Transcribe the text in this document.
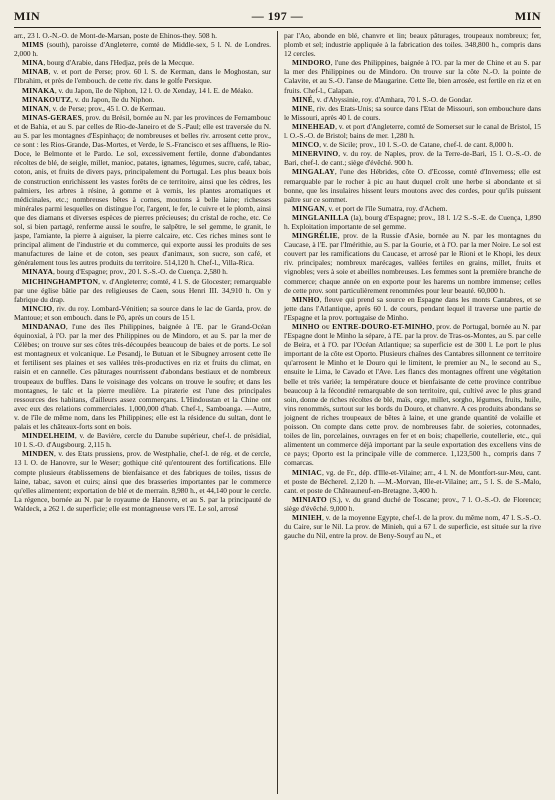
MIN	— 197 —	MIN

arr., 23 l. O.-N.-O. de Mont-de-Marsan, poste de Ehinos-they. 508 h.

MIMS (south), paroisse d'Angleterre, comté de Middle-sex, 5 l. N. de Londres. 2,000 h.

MINA, bourg d'Arabie, dans l'Hedjaz, près de la Mecque.

MINAB, v. et port de Perse; prov. 60 l. S. de Kerman, dans le Moghostan, sur l'Ibrahim, et près de l'embouch. de cette riv. dans le golfe Persique.

MINAKA, v. du Japon, île de Niphon, 12 l. O. de Xenday, 14 l. E. de Méako.

MINAKOUTZ, v. du Japon, île du Niphon.

MINAN, v. de Perse; prov., 45 l. O. de Kermau.

MINAS-GERAES, prov. du Brésil, bornée au N. par les provinces de Fernambouc et de Bahia, et au S. par celles de Rio-de-Janeiro et de S.-Paul; elle est traversée du N. au S. par les montagnes d'Espinhaço; de nombreuses et belles riv. arrosent cette prov., ce sont : les Rios-Grande, Das-Mortes, et Verde, le S.-Francisco et ses affluens, le Rio-Doce, le Belmonte et le Pardo. Le sol, excessivement fertile, donne d'abondantes récoltes de blé, de seigle, millet, manioc, patates, ignames, légumes, sucre, café, tabac, coton, anis, et fruits de divers pays, principalement du Portugal. Les plus beaux bois de construction enrichissent les vastes forêts de ce territoire, ainsi que les cèdres, les palmiers, les arbres à résine, à gomme et à vernis, les plantes aromatiques et médicinales, etc.; nombreuses bêtes à cornes, moutons à belle laine; richesses minérales parmi lesquelles on distingue l'or, l'argent, le fer, le cuivre et le plomb, ainsi que des diamans et diverses espèces de pierres précieuses; du cristal de roche, etc. Ce sol, si bien partagé, renferme aussi le soufre, le salpêtre, le sel gemme, le granit, le jaspe, l'amiante, la pierre à aiguiser, la pierre calcaire, etc. Ces riches mines sont le principal aliment de l'industrie et du commerce, qui exporte aussi les produits de ses manufactures de laine et de coton, ses peaux d'animaux, son sucre, son café, et généralement tous les autres produits du territoire. 514,120 h. Chef-l., Villa-Rica.

MINAYA, bourg d'Espagne; prov., 20 l. S.-S.-O. de Cuença. 2,580 h.

MICHINGHAMPTON, v. d'Angleterre; comté, 4 l. S. de Glocester; remarquable par une église bâtie par des religieuses de Caen, sous Henri III. 34,910 h. On y fabrique du drap.

MINCIO, riv. du roy. Lombard-Vénitien; sa source dans le lac de Garda, prov. de Mantoue; et son embouch. dans le Pô, après un cours de 15 l.

MINDANAO, l'une des îles Philippines, baignée à l'E. par le Grand-Océan équinoxial, à l'O. par la mer des Philippines ou de Mindoro, et au S. par la mer de Célèbes; on trouve sur ses côtes très-découpées beaucoup de baies et de ports. Le sol est montagneux et volcanique. Le Pesandj, le Butuan et le Sibugney arrosent cette île et fertilisent ses plaines et ses vallées très-productives en riz et fruits du climat, en raisin et en cannelle. Ces pâturages nourrissent d'abondans bestiaux et de nombreux troupeaux de buffles. Dans le voisinage des volcans on trouve le soufre; et dans les montagnes, le talc et la pierre meulière. La piraterie est l'une des principales ressources des habitans, d'ailleurs assez commerçans. L'Hindoustan et la Chine ont avec eux des relations commerciales. 1,000,000 d'hab. Chef-l., Samboanga. —Autre, v. de l'île de même nom, dans les Philippines; elle est la résidence du sultan, dont le palais et les châteaux-forts sont en bois.

MINDELHEIM, v. de Bavière, cercle du Danube supérieur, chef-l. de présidial, 10 l. S.-O. d'Augsbourg. 2,115 h.

MINDEN, v. des Etats prussiens, prov. de Westphalie, chef-l. de rég. et de cercle, 13 l. O. de Hanovre, sur le Weser; gothique cité qu'entourent des fortifications. Elle compte plusieurs établissemens de bienfaisance et des fabriques de toiles, tissus de laine, tabac, savon et cuirs; ainsi que des brasseries importantes par le commerce qu'elles alimentent; exportation de blé et de merrain. 8,980 h., et 44,140 pour le cercle. La régence, bornée au N. par le royaume de Hanovre, et au S. par la principauté de Waldeck, a 262 l. de superficie; elle est montagneuse vers l'E. Le sol, arrosé

par l'Ao, abonde en blé, chanvre et lin; beaux pâturages, troupeaux nombreux; fer, plomb et sel; industrie appliquée à la fabrication des toiles. 348,800 h., compris dans 12 cercles.

MINDORO, l'une des Philippines, baignée à l'O. par la mer de Chine et au S. par la mer des Philippines ou de Mindoro. On trouve sur la côte N.-O. la pointe de Calavite, et au S.-O. l'anse de Maugarine. Cette île, bien arrosée, est fertile en riz et en fruits. Chef-l., Calapan.

MINÉ, v. d'Abyssinie, roy. d'Amhara, 70 l. S.-O. de Gondar.

MINE, riv. des Etats-Unis; sa source dans l'Etat de Missouri, son embouchure dans le Missouri, après 40 l. de cours.

MINEHEAD, v. et port d'Angleterre, comté de Somerset sur le canal de Bristol, 15 l. O.-S.-O. de Bristol; bains de mer. 1,280 h.

MINCO, v. de Sicile; prov., 10 l. S.-O. de Catane, chef-l. de cant. 8,000 h.

MINERVINO, v. du roy. de Naples, prov. de la Terre-de-Bari, 15 l. O.-S.-O. de Bari, chef-l. de cant.; siège d'évêché. 900 h.

MINGALAY, l'une des Hébrides, côte O. d'Ecosse, comté d'Inverness; elle est remarquable par le rocher à pic au haut duquel croît une herbe si abondante et si bonne, que les insulaires hissent leurs moutons avec des cordes, pour qu'ils puissent paître sur ce sommet.

MINGAN, v. et port de l'île Sumatra, roy. d'Achem.

MINGLANILLA (la), bourg d'Espagne; prov., 18 l. 1/2 S.-S.-E. de Cuença, 1,890 h. Exploitation importante de sel gemme.

MINGRÉLIE, prov. de la Russie d'Asie, bornée au N. par les montagnes du Caucase, à l'E. par l'Imérithie, au S. par la Gourie, et à l'O. par la mer Noire. Le sol est couvert par les ramifications du Caucase, et arrosé par le Rioni et le Khopi, les deux riv. principales; nombreux marécages, vallées fertiles en grains, millet, fruits et vignobles; vers à soie et abeilles nombreuses. Les femmes sont la première branche de commerce; chaque année on en exporte pour les harems un nombre immense; celles de cette prov. sont particulièrement renommées pour leur beauté. 60,000 h.

MINHO, fleuve qui prend sa source en Espagne dans les monts Cantabres, et se jette dans l'Atlantique, après 60 l. de cours, pendant lequel il traverse une partie de l'Espagne et la prov. portugaise de Minho.

MINHO ou ENTRE-DOURO-ET-MINHO, prov. de Portugal, bornée au N. par l'Espagne dont le Minho la sépare, à l'E. par la prov. de Tras-os-Montes, au S. par celle de Beira, et à l'O. par l'Océan Atlantique; sa superficie est de 300 l. Le port le plus important de la côte est Oporto. Plusieurs chaînes des Cantabres sillonnent ce territoire qu'arrosent le Minho et le Douro qui le limitent, le premier au N., le second au S., ensuite le Lima, le Cavado et l'Ave. Les flancs des montagnes offrent une végétation belle et très variée; la température douce et bienfaisante de cette province contribue beaucoup à la fécondité remarquable de son territoire, qui, cultivé avec le plus grand soin, donne de riches récoltes de blé, maïs, orge, millet, sorgho, légumes, fruits, huile, vins renommés, surtout sur les bords du Douro, et chanvre. A ces produits abondans se joignent de riches troupeaux de bêtes à laine, et une grande quantité de volaille et poisson. On compte dans cette prov. de nombreuses fabr. de soieries, cotonnades, toiles de lin, porcelaines, ouvrages en fer et en bois; chapellerie, coutellerie, etc., qui alimentent un commerce déjà important par la seule exportation des excellens vins de ce pays; Oporto est la principale ville de commerce. 1,123,500 h., compris dans 7 comarcas.

MINIAC, vg. de Fr., dép. d'Ille-et-Vilaine; arr., 4 l. N. de Montfort-sur-Meu, cant. et poste de Bécherel. 2,120 h. —M.-Morvan, Ille-et-Vilaine; arr., 5 l. S. de S.-Malo, cant. et poste de Châteauneuf-en-Bretagne. 3,400 h.

MINIATO (S.), v. du grand duché de Toscane; prov., 7 l. O.-S.-O. de Florence; siège d'évêché. 9,000 h.

MINIEH, v. de la moyenne Egypte, chef-l. de la prov. du même nom, 47 l. S.-S.-O. du Caire, sur le Nil. La prov. de Minieh, qui a 67 l. de superficie, est située sur la rive gauche du Nil, entre la prov. de Beny-Souyf au N., et
